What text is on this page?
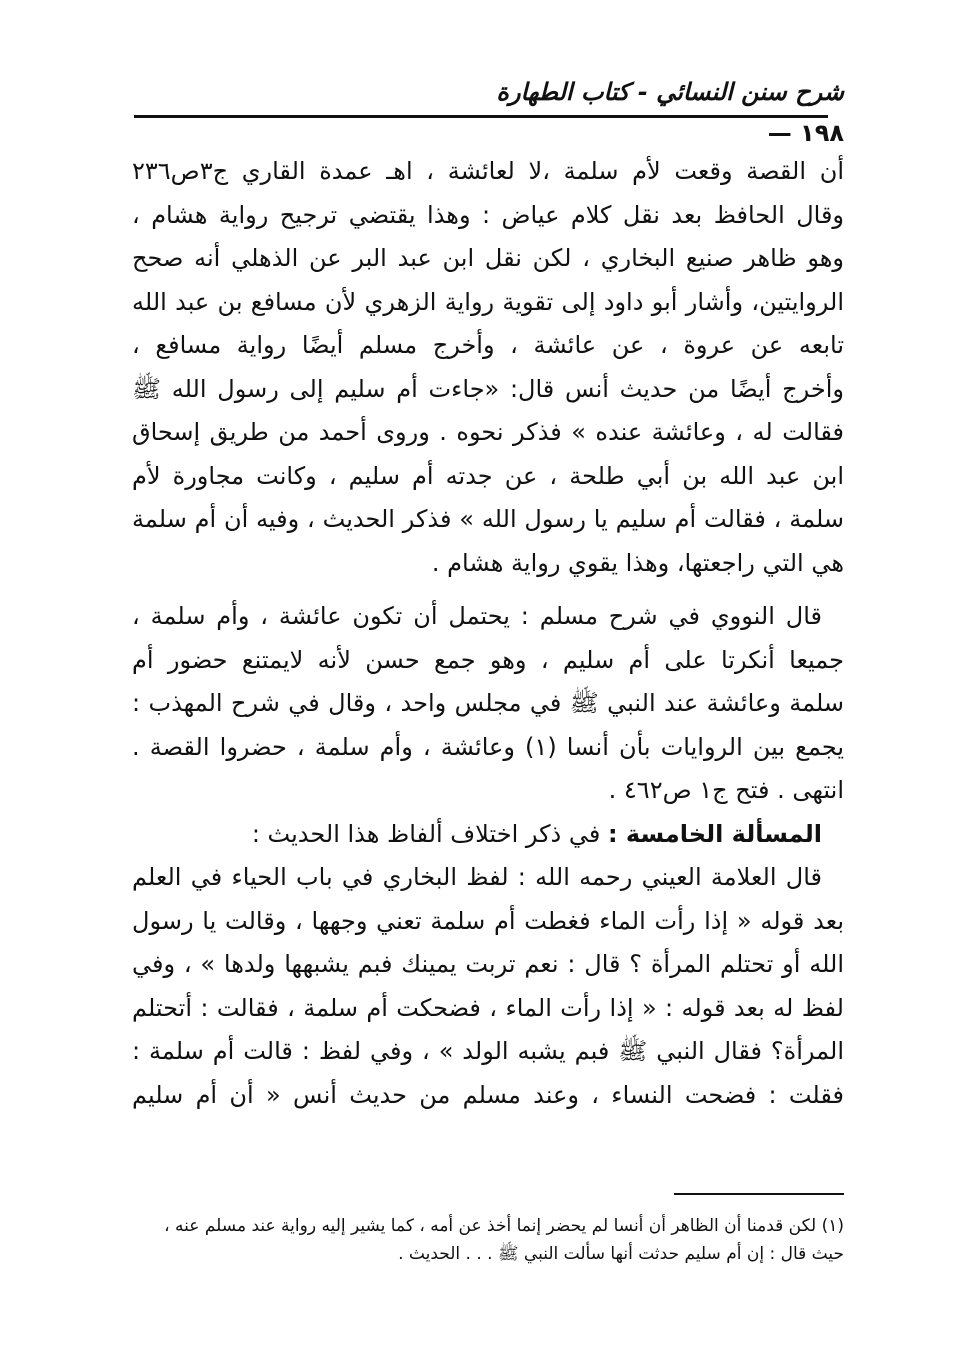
شرح سنن النسائي - كتاب الطهارة
— ١٩٨
أن القصة وقعت لأم سلمة ،لا لعائشة ، اهـ عمدة القاري ج٣ص٢٣٦
وقال الحافظ بعد نقل كلام عياض : وهذا يقتضي ترجيح رواية هشام ،
وهو ظاهر صنيع البخاري ، لكن نقل ابن عبد البر عن الذهلي أنه صحح
الروايتين، وأشار أبو داود إلى تقوية رواية الزهري لأن مسافع بن عبد الله
تابعه عن عروة ، عن عائشة ، وأخرج مسلم أيضًا رواية مسافع ،
وأخرج أيضًا من حديث أنس قال: «جاءت أم سليم إلى رسول الله ﷺ
فقالت له ، وعائشة عنده » فذكر نحوه . وروى أحمد من طريق إسحاق
ابن عبد الله بن أبي طلحة ، عن جدته أم سليم ، وكانت مجاورة لأم
سلمة ، فقالت أم سليم يا رسول الله » فذكر الحديث ، وفيه أن أم سلمة
هي التي راجعتها، وهذا يقوي رواية هشام .
قال النووي في شرح مسلم : يحتمل أن تكون عائشة ، وأم سلمة ،
جميعا أنكرتا على أم سليم ، وهو جمع حسن لأنه لايمتنع حضور أم
سلمة وعائشة عند النبي ﷺ في مجلس واحد ، وقال في شرح المهذب :
يجمع بين الروايات بأن أنسا (١) وعائشة ، وأم سلمة ، حضروا القصة .
انتهى . فتح ج١ ص٤٦٢ .
المسألة الخامسة : في ذكر اختلاف ألفاظ هذا الحديث :
قال العلامة العيني رحمه الله : لفظ البخاري في باب الحياء في العلم
بعد قوله « إذا رأت الماء فغطت أم سلمة تعني وجهها ، وقالت يا رسول
الله أو تحتلم المرأة ؟ قال : نعم تربت يمينك فبم يشبهها ولدها » ، وفي
لفظ له بعد قوله : « إذا رأت الماء ، فضحكت أم سلمة ، فقالت : أتحتلم
المرأة؟ فقال النبي ﷺ فبم يشبه الولد » ، وفي لفظ : قالت أم سلمة :
فقلت : فضحت النساء ، وعند مسلم من حديث أنس « أن أم سليم
(١) لكن قدمنا أن الظاهر أن أنسا لم يحضر إنما أخذ عن أمه ، كما يشير إليه رواية عند مسلم عنه ،
حيث قال : إن أم سليم حدثت أنها سألت النبي ﷺ . . . الحديث .
